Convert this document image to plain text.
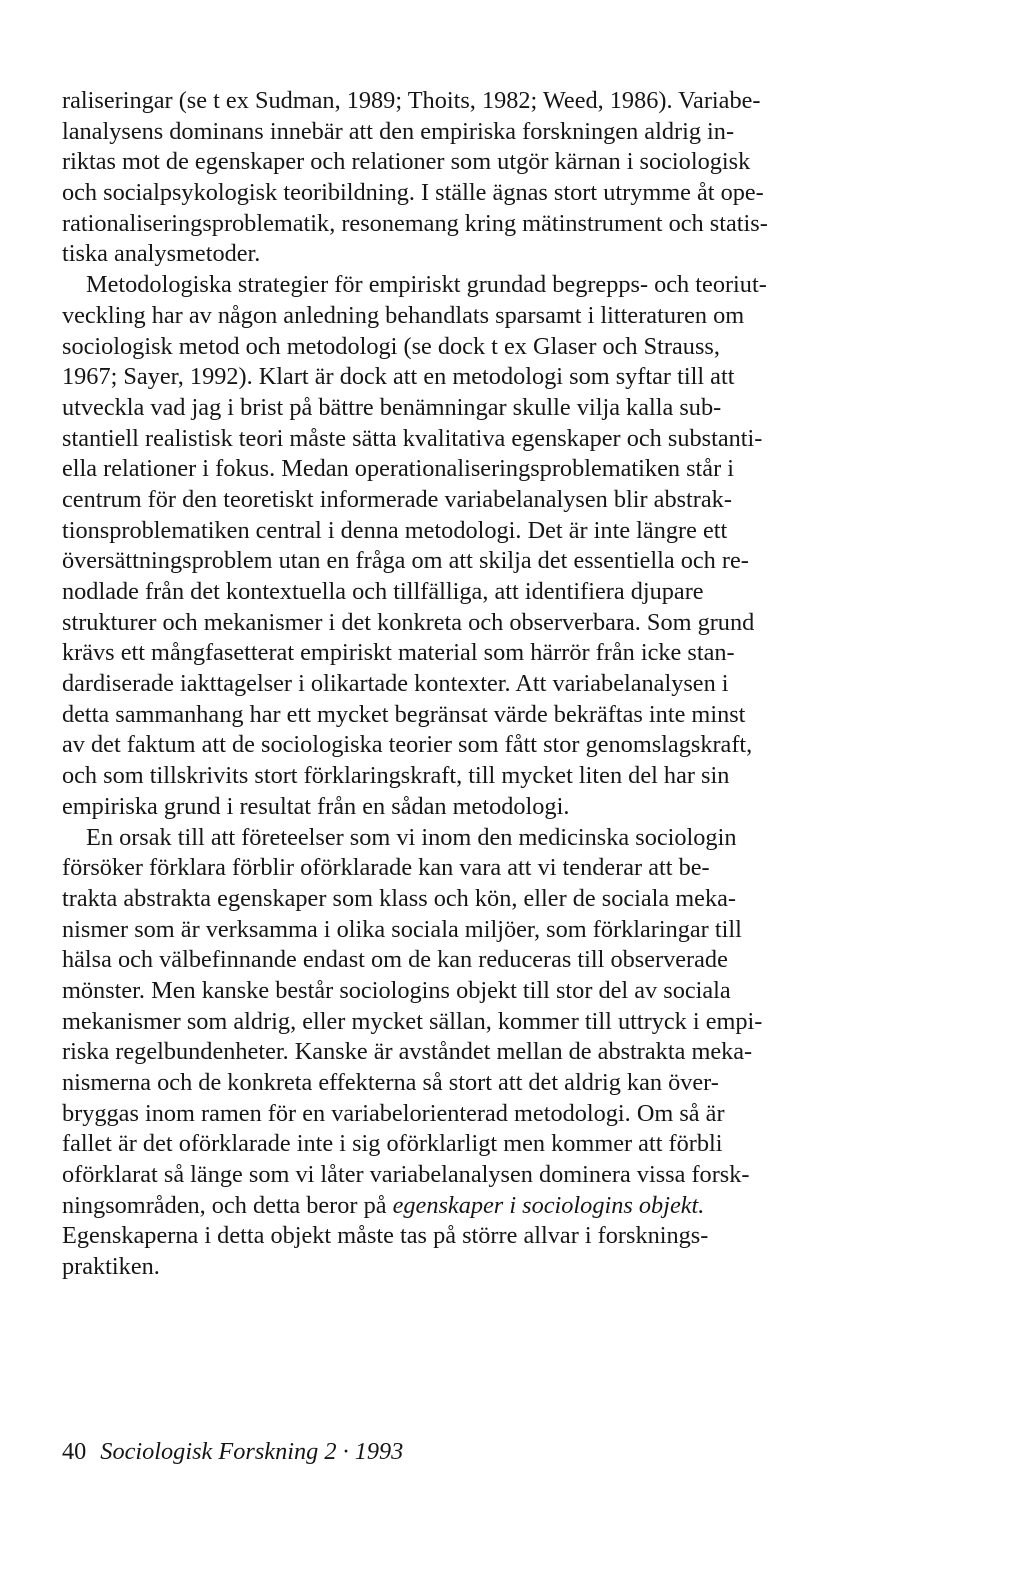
raliseringar (se t ex Sudman, 1989; Thoits, 1982; Weed, 1986). Variabe-
lanalysens dominans innebär att den empiriska forskningen aldrig in-
riktas mot de egenskaper och relationer som utgör kärnan i sociologisk
och socialpsykologisk teoribildning. I ställe ägnas stort utrymme åt ope-
rationaliseringsproblematik, resonemang kring mätinstrument och statis-
tiska analysmetoder.
Metodologiska strategier för empiriskt grundad begrepps- och teoriut-
veckling har av någon anledning behandlats sparsamt i litteraturen om
sociologisk metod och metodologi (se dock t ex Glaser och Strauss,
1967; Sayer, 1992). Klart är dock att en metodologi som syftar till att
utveckla vad jag i brist på bättre benämningar skulle vilja kalla sub-
stantiell realistisk teori måste sätta kvalitativa egenskaper och substanti-
ella relationer i fokus. Medan operationaliseringsproblematiken står i
centrum för den teoretiskt informerade variabelanalysen blir abstrak-
tionsproblematiken central i denna metodologi. Det är inte längre ett
översättningsproblem utan en fråga om att skilja det essentiella och re-
nodlade från det kontextuella och tillfälliga, att identifiera djupare
strukturer och mekanismer i det konkreta och observerbara. Som grund
krävs ett mångfasetterat empiriskt material som härrör från icke stan-
dardiserade iakttagelser i olikartade kontexter. Att variabelanalysen i
detta sammanhang har ett mycket begränsat värde bekräftas inte minst
av det faktum att de sociologiska teorier som fått stor genomslagskraft,
och som tillskrivits stort förklaringskraft, till mycket liten del har sin
empiriska grund i resultat från en sådan metodologi.
En orsak till att företeelser som vi inom den medicinska sociologin
försöker förklara förblir oförklarade kan vara att vi tenderar att be-
trakta abstrakta egenskaper som klass och kön, eller de sociala meka-
nismer som är verksamma i olika sociala miljöer, som förklaringar till
hälsa och välbefinnande endast om de kan reduceras till observerade
mönster. Men kanske består sociologins objekt till stor del av sociala
mekanismer som aldrig, eller mycket sällan, kommer till uttryck i empi-
riska regelbundenheter. Kanske är avståndet mellan de abstrakta meka-
nismerna och de konkreta effekterna så stort att det aldrig kan över-
bryggas inom ramen för en variabelorienterad metodologi. Om så är
fallet är det oförklarade inte i sig oförklarligt men kommer att förbli
oförklarat så länge som vi låter variabelanalysen dominera vissa forsk-
ningsområden, och detta beror på egenskaper i sociologins objekt.
Egenskaperna i detta objekt måste tas på större allvar i forsknings-
praktiken.
40 Sociologisk Forskning 2 · 1993
